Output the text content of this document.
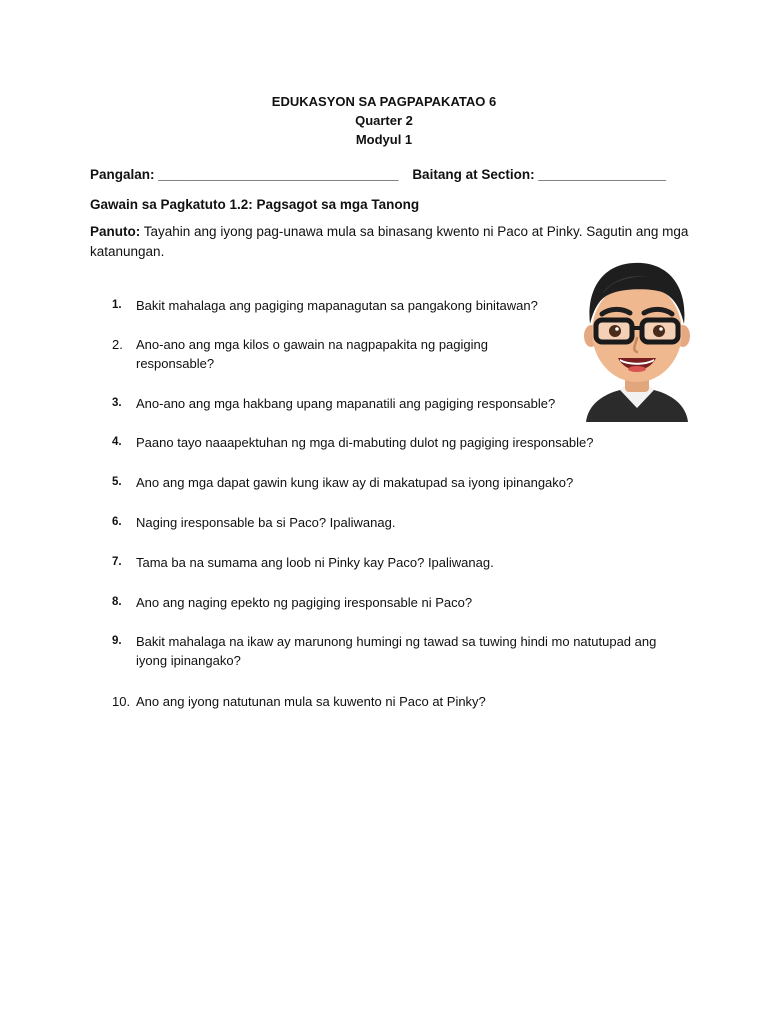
EDUKASYON SA PAGPAPAKATAO 6
Quarter 2
Modyul 1
Pangalan: ________________________________ Baitang at Section: _________________
Gawain sa Pagkatuto 1.2: Pagsagot sa mga Tanong
Panuto: Tayahin ang iyong pag-unawa mula sa binasang kwento ni Paco at Pinky. Sagutin ang mga katanungan.
1.	Bakit mahalaga ang pagiging mapanagutan sa pangakong binitawan?
2.	Ano-ano ang mga kilos o gawain na nagpapakita ng pagiging responsable?
3.	Ano-ano ang mga hakbang upang mapanatili ang pagiging responsable?
4.	Paano tayo naaapektuhan ng mga di-mabuting dulot ng pagiging iresponsable?
5.	Ano ang mga dapat gawin kung ikaw ay di makatupad sa iyong ipinangako?
6.	Naging iresponsable ba si Paco? Ipaliwanag.
7.	Tama ba na sumama ang loob ni Pinky kay Paco? Ipaliwanag.
8.	Ano ang naging epekto ng pagiging iresponsable ni Paco?
9.	Bakit mahalaga na ikaw ay marunong humingi ng tawad sa tuwing hindi mo natutupad ang iyong ipinangako?
10. Ano ang iyong natutunan mula sa kuwento ni Paco at Pinky?
